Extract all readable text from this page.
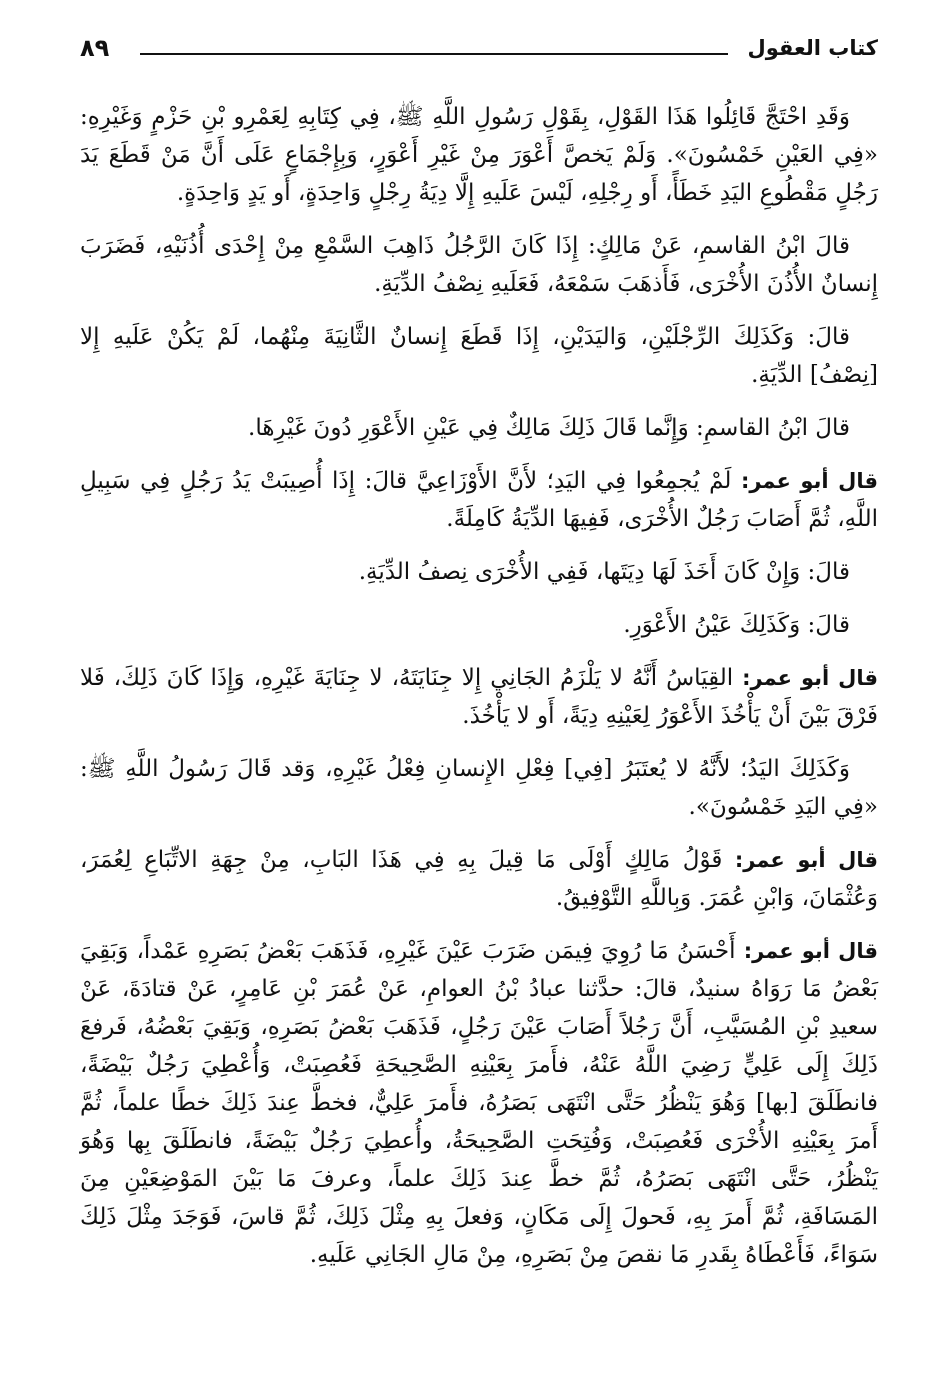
كتاب العقول
٨٩

وَقَدِ احْتَجَّ قَائِلُوا هَذَا القَوْلِ، بِقَوْلِ رَسُولِ اللَّهِ ﷺ، فِي كِتَابِهِ لِعَمْرِو بْنِ حَزْمٍ وَغَيْرِهِ: «فِي العَيْنِ خَمْسُونَ». وَلَمْ يَخصَّ أَعْوَرَ مِنْ غَيْرِ أَعْوَرٍ، وَبِإِجْمَاعٍ عَلَى أَنَّ مَنْ قَطَعَ يَدَ رَجُلٍ مَقْطُوعِ اليَدِ خَطَأً، أَو رِجْلِهِ، لَيْسَ عَلَيهِ إِلَّا دِيَةُ رِجْلٍ وَاحِدَةٍ، أَو يَدٍ وَاحِدَةٍ.

قالَ ابْنُ القاسمِ، عَنْ مَالِكٍ: إِذَا كَانَ الرَّجُلُ ذَاهِبَ السَّمْعِ مِنْ إِحْدَى أُذُنَيْهِ، فَضَرَبَ إِنسانٌ الأُذُنَ الأُخْرَى، فَأَذهَبَ سَمْعَهُ، فَعَلَيهِ نِصْفُ الدِّيَةِ.

قالَ: وَكَذَلِكَ الرِّجْلَيْنِ، وَاليَدَيْنِ، إِذَا قَطَعَ إِنسانٌ الثَّانِيَةَ مِنْهُما، لَمْ يَكُنْ عَلَيهِ إِلا [نِصْفُ] الدِّيَةِ.

قالَ ابْنُ القاسمِ: وَإِنَّما قَالَ ذَلِكَ مَالِكٌ فِي عَيْنِ الأَعْوَرِ دُونَ غَيْرِهَا.

قال أبو عمر: لَمْ يُجمِعُوا فِي اليَدِ؛ لأَنَّ الأَوْزَاعِيَّ قالَ: إِذَا أُصِيبَتْ يَدُ رَجُلٍ فِي سَبِيلِ اللَّهِ، ثُمَّ أَصَابَ رَجُلٌ الأُخْرَى، فَفِيهَا الدِّيَةُ كَامِلَةً.

قالَ: وَإِنْ كَانَ أَخَذَ لَهَا دِيَتَها، فَفِي الأُخْرَى نِصفُ الدِّيَةِ.

قالَ: وَكَذَلِكَ عَيْنُ الأَعْوَرِ.

قال أبو عمر: القِيَاسُ أَنَّهُ لا يَلْزَمُ الجَانِي إِلا جِنَايَتَهُ، لا جِنَايَةَ غَيْرِهِ، وَإِذَا كَانَ ذَلِكَ، فَلا فَرْقَ بَيْنَ أَنْ يَأْخُذَ الأَعْوَرُ لِعَيْنِهِ دِيَةً، أَو لا يَأْخُذَ.

وَكَذَلِكَ اليَدُ؛ لأَنَّهُ لا يُعتَبَرُ [فِي] فِعْلِ الإِنسانِ فِعْلُ غَيْرِهِ، وَقد قَالَ رَسُولُ اللَّهِ ﷺ: «فِي اليَدِ خَمْسُونَ».

قال أبو عمر: قَوْلُ مَالِكٍ أَوْلَى مَا قِيلَ بِهِ فِي هَذَا البَابِ، مِنْ جِهَةِ الاتِّبَاعِ لِعُمَرَ، وَعُثْمَانَ، وَابْنِ عُمَرَ. وَبِاللَّهِ التَّوْفِيقُ.

قال أبو عمر: أَحْسَنُ مَا رُوِيَ فِيمَن ضَرَبَ عَيْنَ غَيْرِهِ، فَذَهَبَ بَعْضُ بَصَرِهِ عَمْداً، وَبَقِيَ بَعْضُ مَا رَوَاهُ سنيدٌ، قالَ: حدَّثنا عبادُ بْنُ العوامِ، عَنْ عُمَرَ بْنِ عَامِرٍ، عَنْ قتادَةَ، عَنْ سعيدِ بْنِ المُسَيَّبِ، أَنَّ رَجُلاً أَصَابَ عَيْنَ رَجُلٍ، فَذَهَبَ بَعْضُ بَصَرِهِ، وَبَقِيَ بَعْضُهُ، فَرفعَ ذَلِكَ إِلَى عَلِيٍّ رَضِيَ اللَّهُ عَنْهُ، فأَمرَ بِعَيْنِهِ الصَّحِيحَةِ فَعُصِبَتْ، وَأُعْطِيَ رَجُلٌ بَيْضَةً، فانطَلَقَ [بها] وَهُوَ يَنْظُرُ حَتَّى انْتَهَى بَصَرُهُ، فأَمرَ عَلِيٌّ، فخطَّ عِندَ ذَلِكَ خطًا علماً، ثُمَّ أَمرَ بِعَيْنِهِ الأُخْرَى فَعُصِبَتْ، وَفُتِحَتِ الصَّحِيحَةُ، وأُعطِيَ رَجُلٌ بَيْضَةً، فانطَلَقَ بِها وَهُوَ يَنْظُرُ، حَتَّى انْتَهَى بَصَرُهُ، ثُمَّ خطَّ عِندَ ذَلِكَ علماً، وعرفَ مَا بَيْنَ المَوْضِعَيْنِ مِنَ المَسَافَةِ، ثُمَّ أَمرَ بِهِ، فَحولَ إِلَى مَكَانٍ، وَفعلَ بِهِ مِثْلَ ذَلِكَ، ثُمَّ قاسَ، فَوَجَدَ مِثْلَ ذَلِكَ سَوَاءً، فَأَعْطَاهُ بِقَدرِ مَا نقصَ مِنْ بَصَرِهِ، مِنْ مَالِ الجَانِي عَلَيهِ.
